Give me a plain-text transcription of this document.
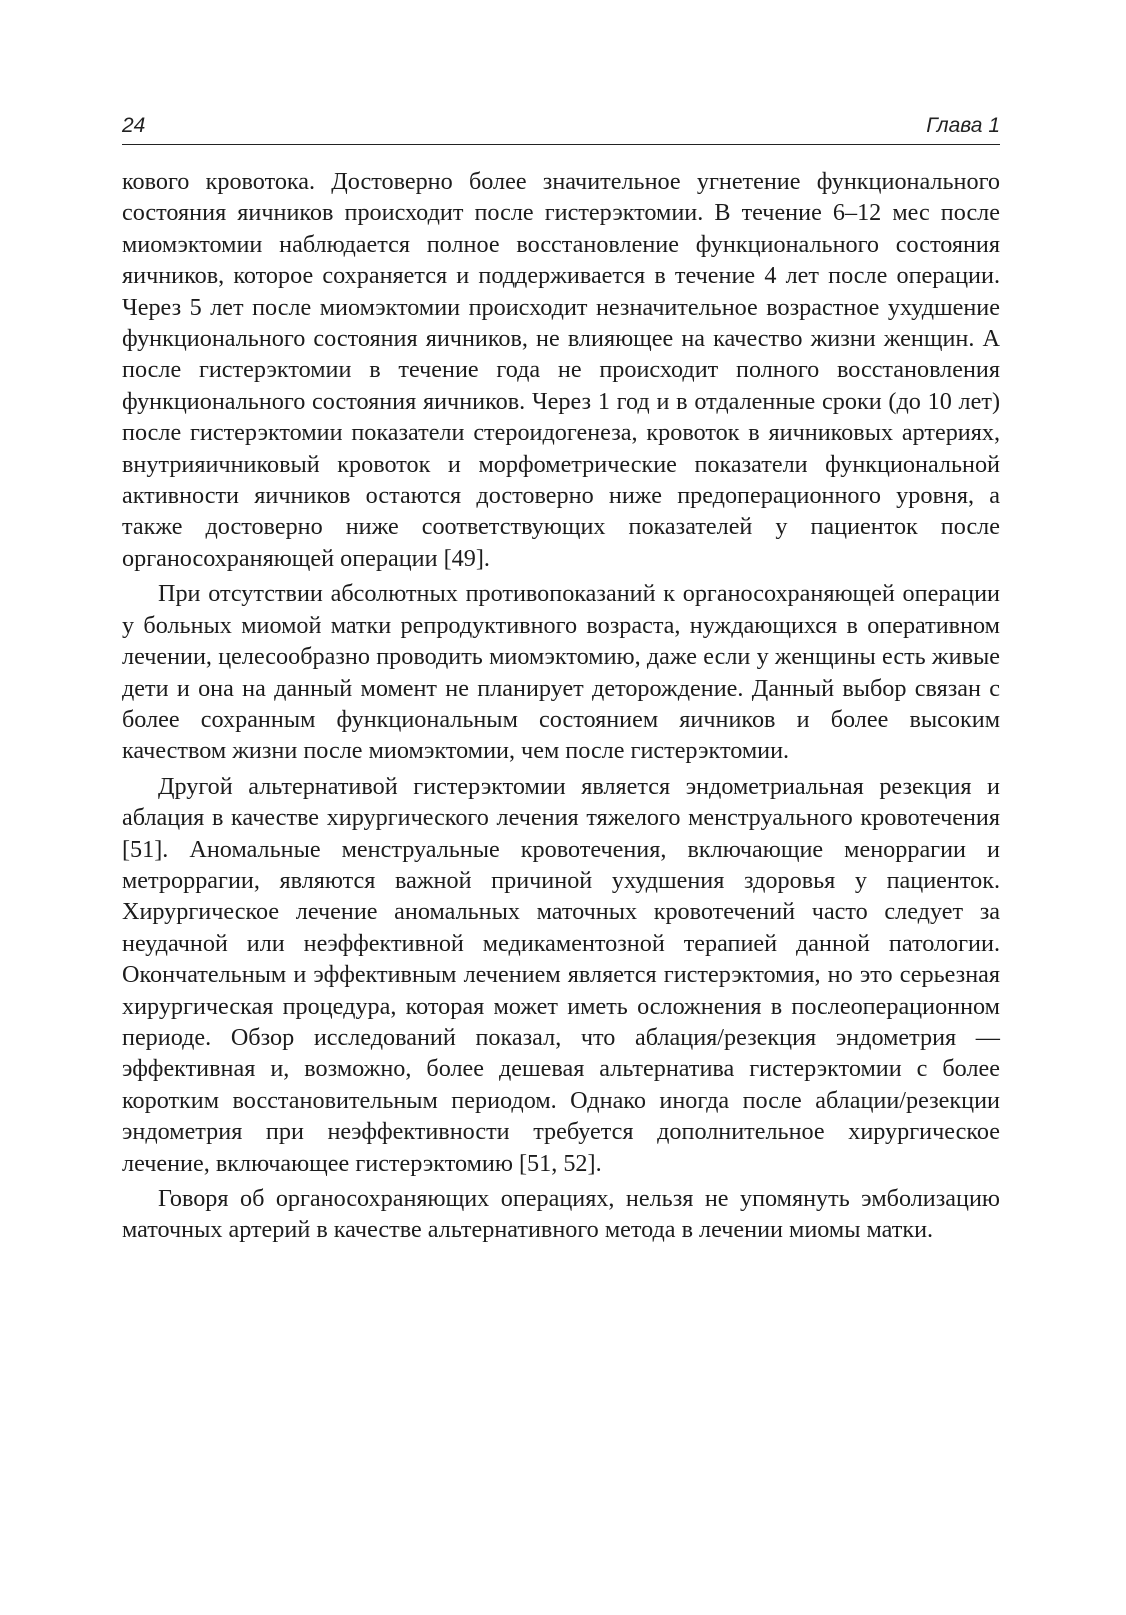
24	Глава 1

кового кровотока. Достоверно более значительное угнетение функционального состояния яичников происходит после гистерэктомии. В течение 6–12 мес после миомэктомии наблюдается полное восстановление функционального состояния яичников, которое сохраняется и поддерживается в течение 4 лет после операции. Через 5 лет после миомэктомии происходит незначительное возрастное ухудшение функционального состояния яичников, не влияющее на качество жизни женщин. А после гистерэктомии в течение года не происходит полного восстановления функционального состояния яичников. Через 1 год и в отдаленные сроки (до 10 лет) после гистерэктомии показатели стероидогенеза, кровоток в яичниковых артериях, внутрияичниковый кровоток и морфометрические показатели функциональной активности яичников остаются достоверно ниже предоперационного уровня, а также достоверно ниже соответствующих показателей у пациенток после органосохраняющей операции [49].

При отсутствии абсолютных противопоказаний к органосохраняющей операции у больных миомой матки репродуктивного возраста, нуждающихся в оперативном лечении, целесообразно проводить миомэктомию, даже если у женщины есть живые дети и она на данный момент не планирует деторождение. Данный выбор связан с более сохранным функциональным состоянием яичников и более высоким качеством жизни после миомэктомии, чем после гистерэктомии.

Другой альтернативой гистерэктомии является эндометриальная резекция и аблация в качестве хирургического лечения тяжелого менструального кровотечения [51]. Аномальные менструальные кровотечения, включающие меноррагии и метроррагии, являются важной причиной ухудшения здоровья у пациенток. Хирургическое лечение аномальных маточных кровотечений часто следует за неудачной или неэффективной медикаментозной терапией данной патологии. Окончательным и эффективным лечением является гистерэктомия, но это серьезная хирургическая процедура, которая может иметь осложнения в послеоперационном периоде. Обзор исследований показал, что аблация/резекция эндометрия — эффективная и, возможно, более дешевая альтернатива гистерэктомии с более коротким восстановительным периодом. Однако иногда после аблации/резекции эндометрия при неэффективности требуется дополнительное хирургическое лечение, включающее гистерэктомию [51, 52].

Говоря об органосохраняющих операциях, нельзя не упомянуть эмболизацию маточных артерий в качестве альтернативного метода в лечении миомы матки.
